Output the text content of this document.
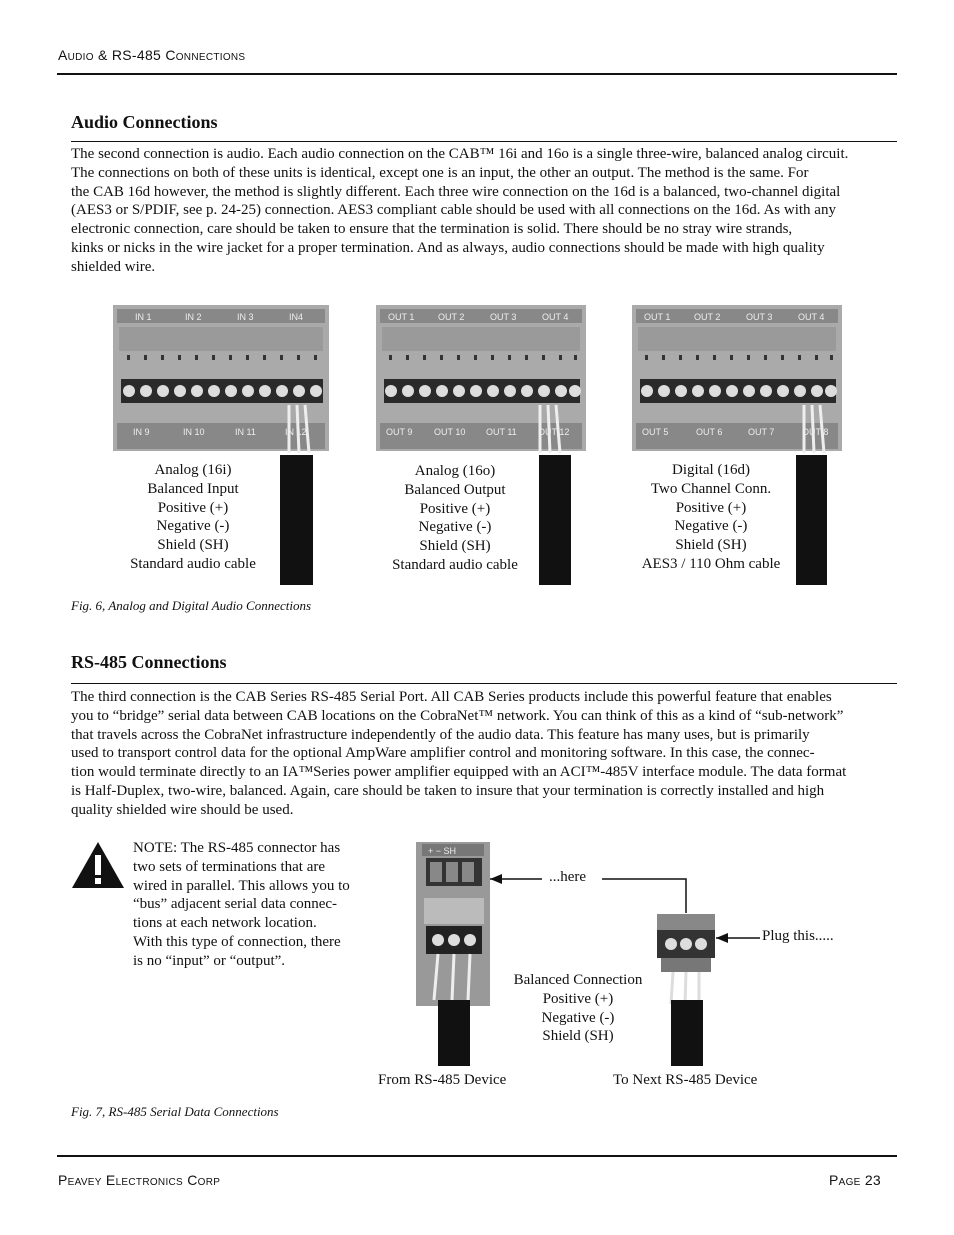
Audio & RS-485 Connections
Audio Connections
The second connection is audio. Each audio connection on the CAB™ 16i and 16o is a single three-wire, balanced analog circuit.
The connections on both of these units is identical, except one is an input, the other an output. The method is the same. For
the CAB 16d however, the method is slightly different. Each three wire connection on the 16d is a balanced, two-channel digital
(AES3 or S/PDIF, see p. 24-25) connection. AES3 compliant cable should be used with all connections on the 16d. As with any
electronic connection, care should be taken to ensure that the termination is solid. There should be no stray wire strands,
kinks or nicks in the wire jacket for a proper termination. And as always, audio connections should be made with high quality
shielded wire.
IN 1	IN 2	IN 3	IN4
IN 9	IN 10	IN 11	IN 12
Analog (16i)
Balanced Input
Positive (+)
Negative (-)
Shield (SH)
Standard audio cable
OUT 1	OUT 2	OUT 3	OUT 4
OUT 9 OUT 10 OUT 11 OUT 12
Analog (16o)
Balanced Output
Positive (+)
Negative (-)
Shield (SH)
Standard audio cable
OUT 1	OUT 2	OUT 3	OUT 4
OUT 5	OUT 6	OUT 7	OUT 8
Digital (16d)
Two Channel Conn.
Positive (+)
Negative (-)
Shield (SH)
AES3 / 110 Ohm cable
Fig. 6, Analog and Digital Audio Connections
RS-485 Connections
The third connection is the CAB Series RS-485 Serial Port. All CAB Series products include this powerful feature that enables
you to “bridge” serial data between CAB locations on the CobraNet™ network. You can think of this as a kind of “sub-network”
that travels across the CobraNet infrastructure independently of the audio data. This feature has many uses, but is primarily
used to transport control data for the optional AmpWare amplifier control and monitoring software. In this case, the connec-
tion would terminate directly to an IA™Series power amplifier equipped with an ACI™-485V interface module. The data format
is Half-Duplex, two-wire, balanced. Again, care should be taken to insure that your termination is correctly installed and high
quality shielded wire should be used.
NOTE: The RS-485 connector has
two sets of terminations that are
wired in parallel. This allows you to
“bus” adjacent serial data connec-
tions at each network location.
With this type of connection, there
is no “input” or “output”.
+ − SH
...here
Plug this.....
Balanced Connection
Positive (+)
Negative (-)
Shield (SH)
From RS-485 Device	To Next RS-485 Device
Fig. 7, RS-485 Serial Data Connections
Peavey Electronics Corp	Page 23
